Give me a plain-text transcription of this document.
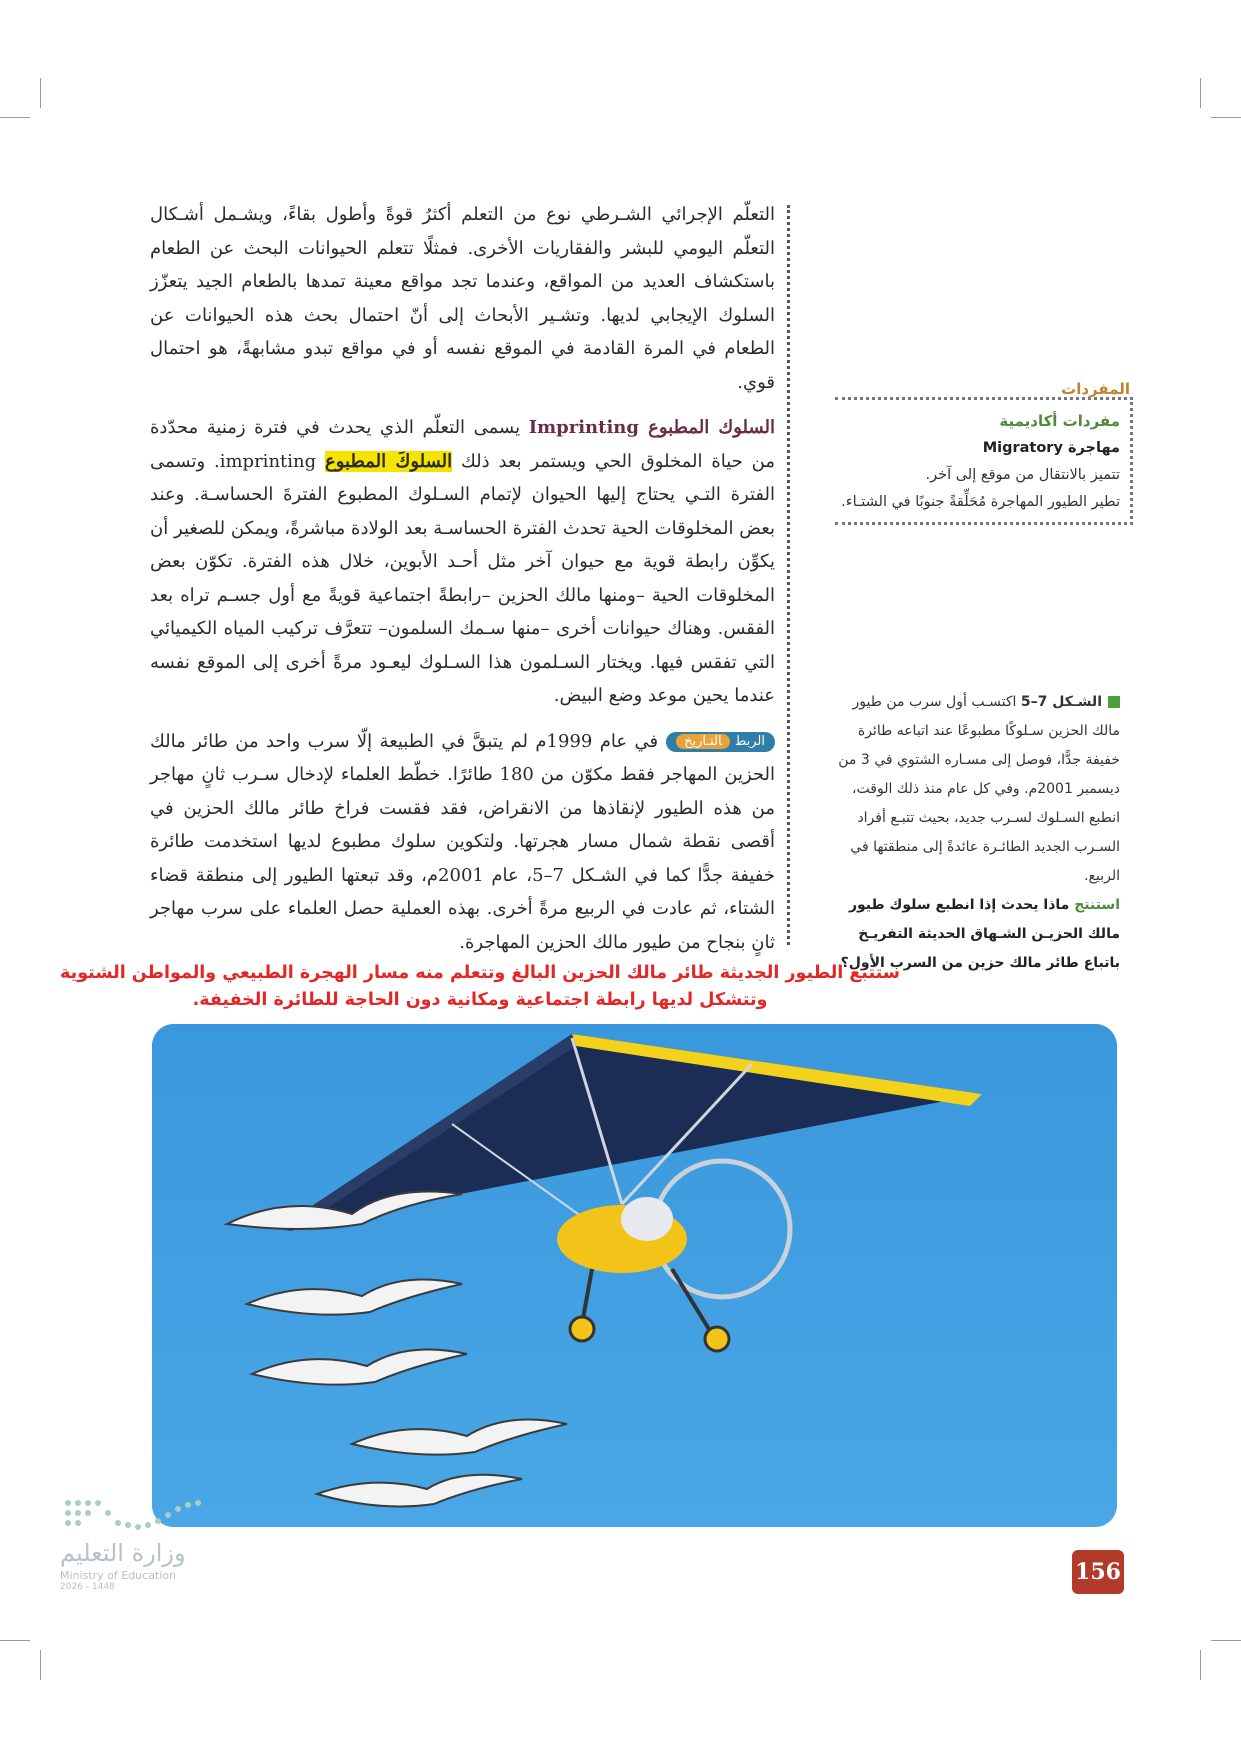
التعلّم الإجرائي الشـرطي نوع من التعلم أكثرُ قوةً وأطول بقاءً، ويشـمل أشـكال التعلّم اليومي للبشر والفقاريات الأخرى. فمثلًا تتعلم الحيوانات البحث عن الطعام باستكشاف العديد من المواقع، وعندما تجد مواقع معينة تمدها بالطعام الجيد يتعزّز السلوك الإيجابي لديها. وتشـير الأبحاث إلى أنّ احتمال بحث هذه الحيوانات عن الطعام في المرة القادمة في الموقع نفسه أو في مواقع تبدو مشابهةً، هو احتمال قوي.

السلوك المطبوع Imprinting يسمى التعلّم الذي يحدث في فترة زمنية محدّدة من حياة المخلوق الحي ويستمر بعد ذلك السلوكَ المطبوع imprinting. وتسمى الفترة التـي يحتاج إليها الحيوان لإتمام السـلوك المطبوع الفترةَ الحساسـة. وعند بعض المخلوقات الحية تحدث الفترة الحساسـة بعد الولادة مباشرةً، ويمكن للصغير أن يكوِّن رابطة قوية مع حيوان آخر مثل أحـد الأبوين، خلال هذه الفترة. تكوّن بعض المخلوقات الحية –ومنها مالك الحزين –رابطةً اجتماعية قويةً مع أول جسـم تراه بعد الفقس. وهناك حيوانات أخرى –منها سـمك السلمون– تتعرَّف تركيب المياه الكيميائي التي تفقس فيها. ويختار السـلمون هذا السـلوك ليعـود مرةً أخرى إلى الموقع نفسه عندما يحين موعد وضع البيض.

الربطالتـاريخفي عام 1999م لم يتبقَّ في الطبيعة إلّا سرب واحد من طائر مالك الحزين المهاجر فقط مكوّن من 180 طائرًا. خطّط العلماء لإدخال سـرب ثانٍ مهاجر من هذه الطيور لإنقاذها من الانقراض، فقد فقست فراخ طائر مالك الحزين في أقصى نقطة شمال مسار هجرتها. ولتكوين سلوك مطبوع لديها استخدمت طائرة خفيفة جدًّا كما في الشـكل 7–5، عام 2001م، وقد تبعتها الطيور إلى منطقة قضاء الشتاء، ثم عادت في الربيع مرةً أخرى. بهذه العملية حصل العلماء على سرب مهاجر ثانٍ بنجاح من طيور مالك الحزين المهاجرة.

المفردات
مفردات أكاديمية
مهاجرة Migratory
تتميز بالانتقال من موقع إلى آخر.
تطير الطيور المهاجرة مُحَلِّقةً جنوبًا في الشتـاء.
الشـكل 7–5 اكتسـب أول سرب من طيور مالك الحزين سـلوكًا مطبوعًا عند اتباعه طائرة خفيفة جدًّا، فوصل إلى مسـاره الشتوي في 3 من ديسمبر 2001م. وفي كل عام منذ ذلك الوقت، انطبع السـلوك لسـرب جديد، بحيث تتبـع أفراد السـرب الجديد الطائـرة عائدةً إلى منطقتها في الربيع.
استنتج ماذا يحدث إذا انطبع سلوك طيور مالك الحزيـن الشـهاق الحديثة التفريـخ باتباع طائر مالك حزين من السرب الأول؟
ستتبع الطيور الجديثة طائر مالك الحزين البالغ وتتعلم منه مسار الهجرة الطبيعي والمواطن الشتوية وتتشكل لديها رابطة اجتماعية ومكانية دون الحاجة للطائرة الخفيفة.
وزارة التعليم
Ministry of Education
2026 - 1448
156
